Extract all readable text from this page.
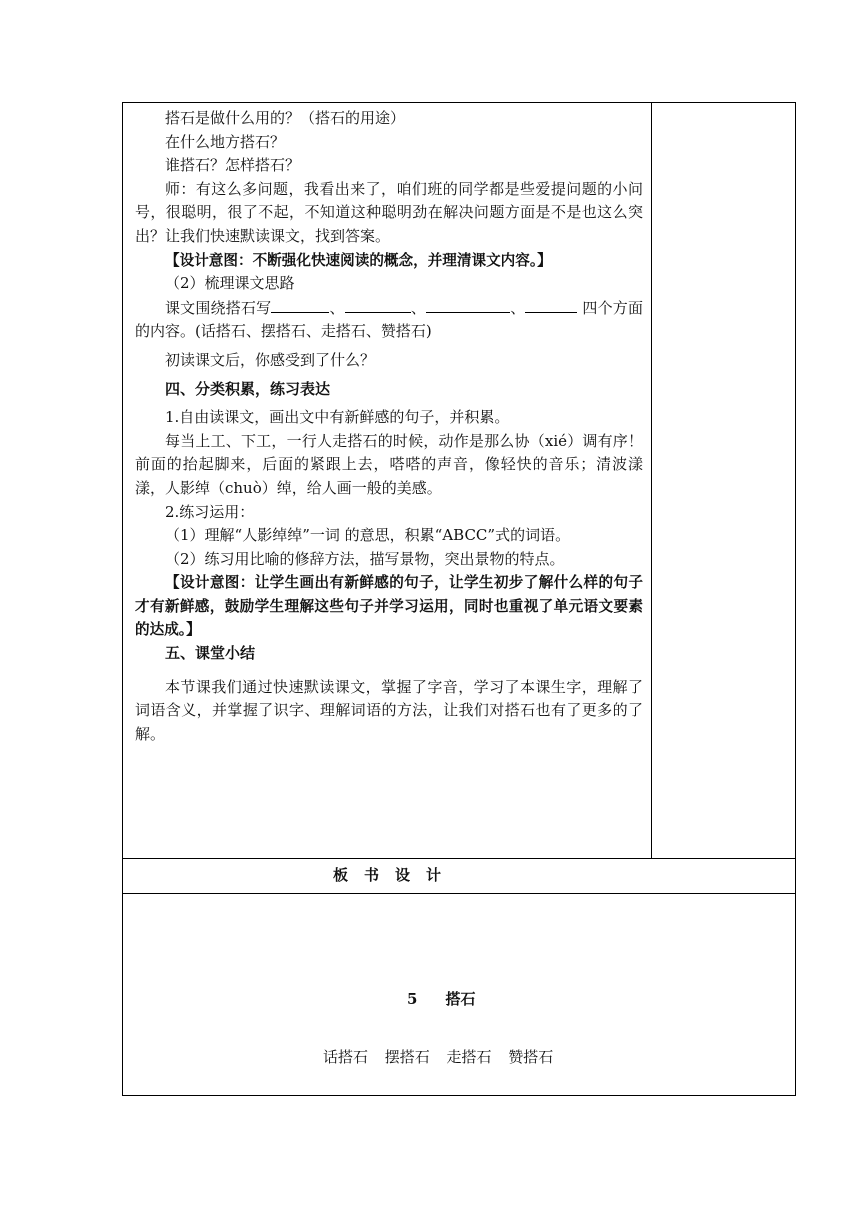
搭石是做什么用的？（搭石的用途）

在什么地方搭石？

谁搭石？怎样搭石？

师：有这么多问题，我看出来了，咱们班的同学都是些爱提问题的小问号，很聪明，很了不起，不知道这种聪明劲在解决问题方面是不是也这么突出？让我们快速默读课文，找到答案。

【设计意图：不断强化快速阅读的概念，并理清课文内容。】

（2）梳理课文思路

课文围绕搭石写	、	、	、	四个方面的内容。(话搭石、摆搭石、走搭石、赞搭石)

初读课文后，你感受到了什么？

四、分类积累，练习表达

1.自由读课文，画出文中有新鲜感的句子，并积累。

每当上工、下工，一行人走搭石的时候，动作是那么协（xié）调有序！前面的抬起脚来，后面的紧跟上去，嗒嗒的声音，像轻快的音乐；清波漾漾，人影绰（chuò）绰，给人画一般的美感。

2.练习运用：

（1）理解“人影绰绰”一词 的意思，积累“ABCC”式的词语。

（2）练习用比喻的修辞方法，描写景物，突出景物的特点。

【设计意图：让学生画出有新鲜感的句子，让学生初步了解什么样的句子才有新鲜感，鼓励学生理解这些句子并学习运用，同时也重视了单元语文要素的达成。】

五、课堂小结

本节课我们通过快速默读课文，掌握了字音，学习了本课生字，理解了词语含义，并掌握了识字、理解词语的方法，让我们对搭石也有了更多的了解。

板书设计
5 搭石
话搭石 摆搭石 走搭石 赞搭石
